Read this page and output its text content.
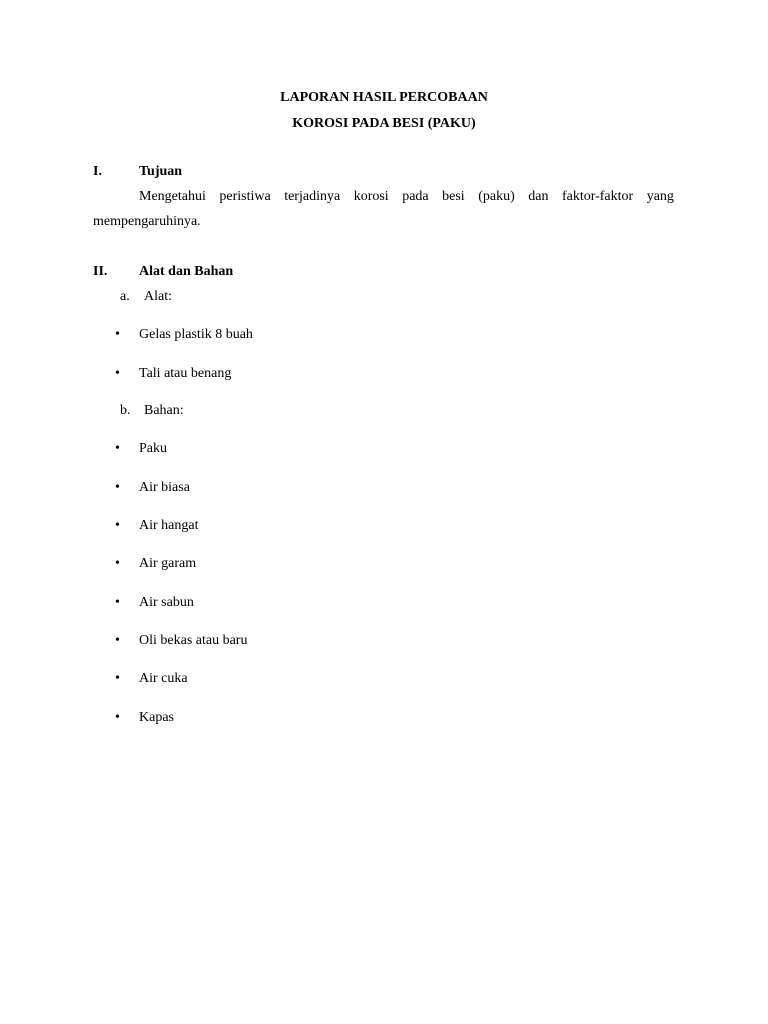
LAPORAN HASIL PERCOBAAN
KOROSI PADA BESI (PAKU)
I.	Tujuan
Mengetahui peristiwa terjadinya korosi pada besi (paku) dan faktor-faktor yang
mempengaruhinya.
II. Alat dan Bahan
a. Alat:
• Gelas plastik 8 buah
• Tali atau benang
b. Bahan:
• Paku
• Air biasa
• Air hangat
• Air garam
• Air sabun
• Oli bekas atau baru
• Air cuka
• Kapas
